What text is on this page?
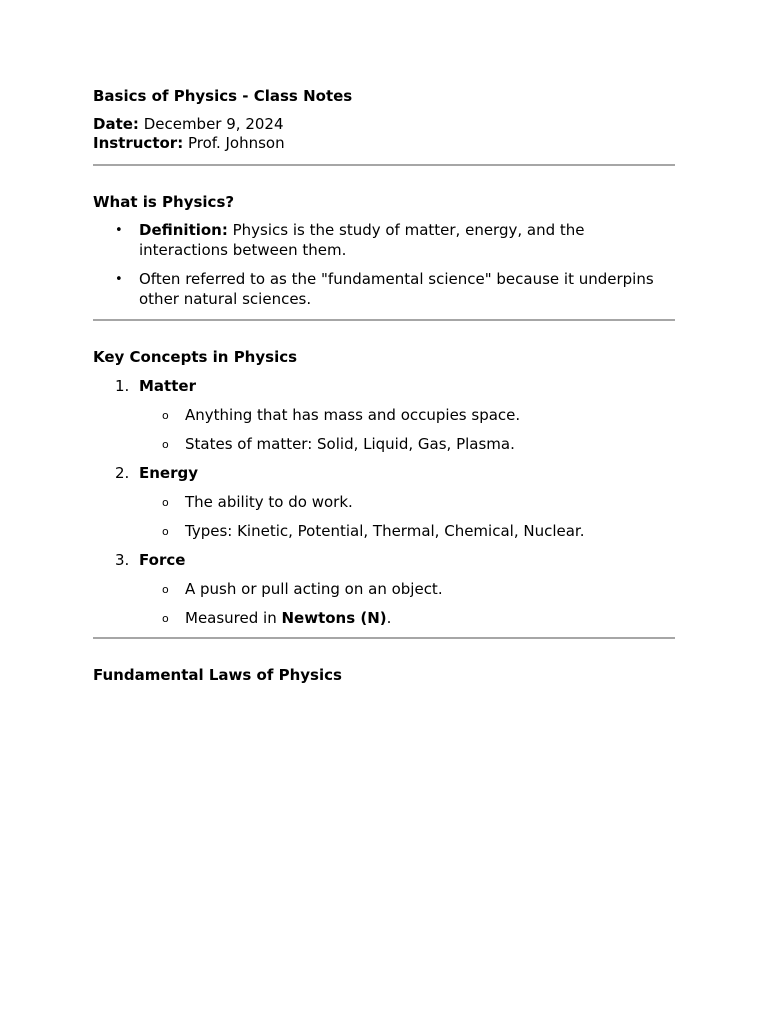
Basics of Physics - Class Notes

Date: December 9, 2024

Instructor: Prof. Johnson

What is Physics?
• Definition: Physics is the study of matter, energy, and the interactions between them.
• Often referred to as the "fundamental science" because it underpins other natural sciences.
Key Concepts in Physics
1. Matter
o Anything that has mass and occupies space.
o States of matter: Solid, Liquid, Gas, Plasma.
2. Energy
o The ability to do work.
o Types: Kinetic, Potential, Thermal, Chemical, Nuclear.
3. Force
o A push or pull acting on an object.
o Measured in Newtons (N).
Fundamental Laws of Physics
